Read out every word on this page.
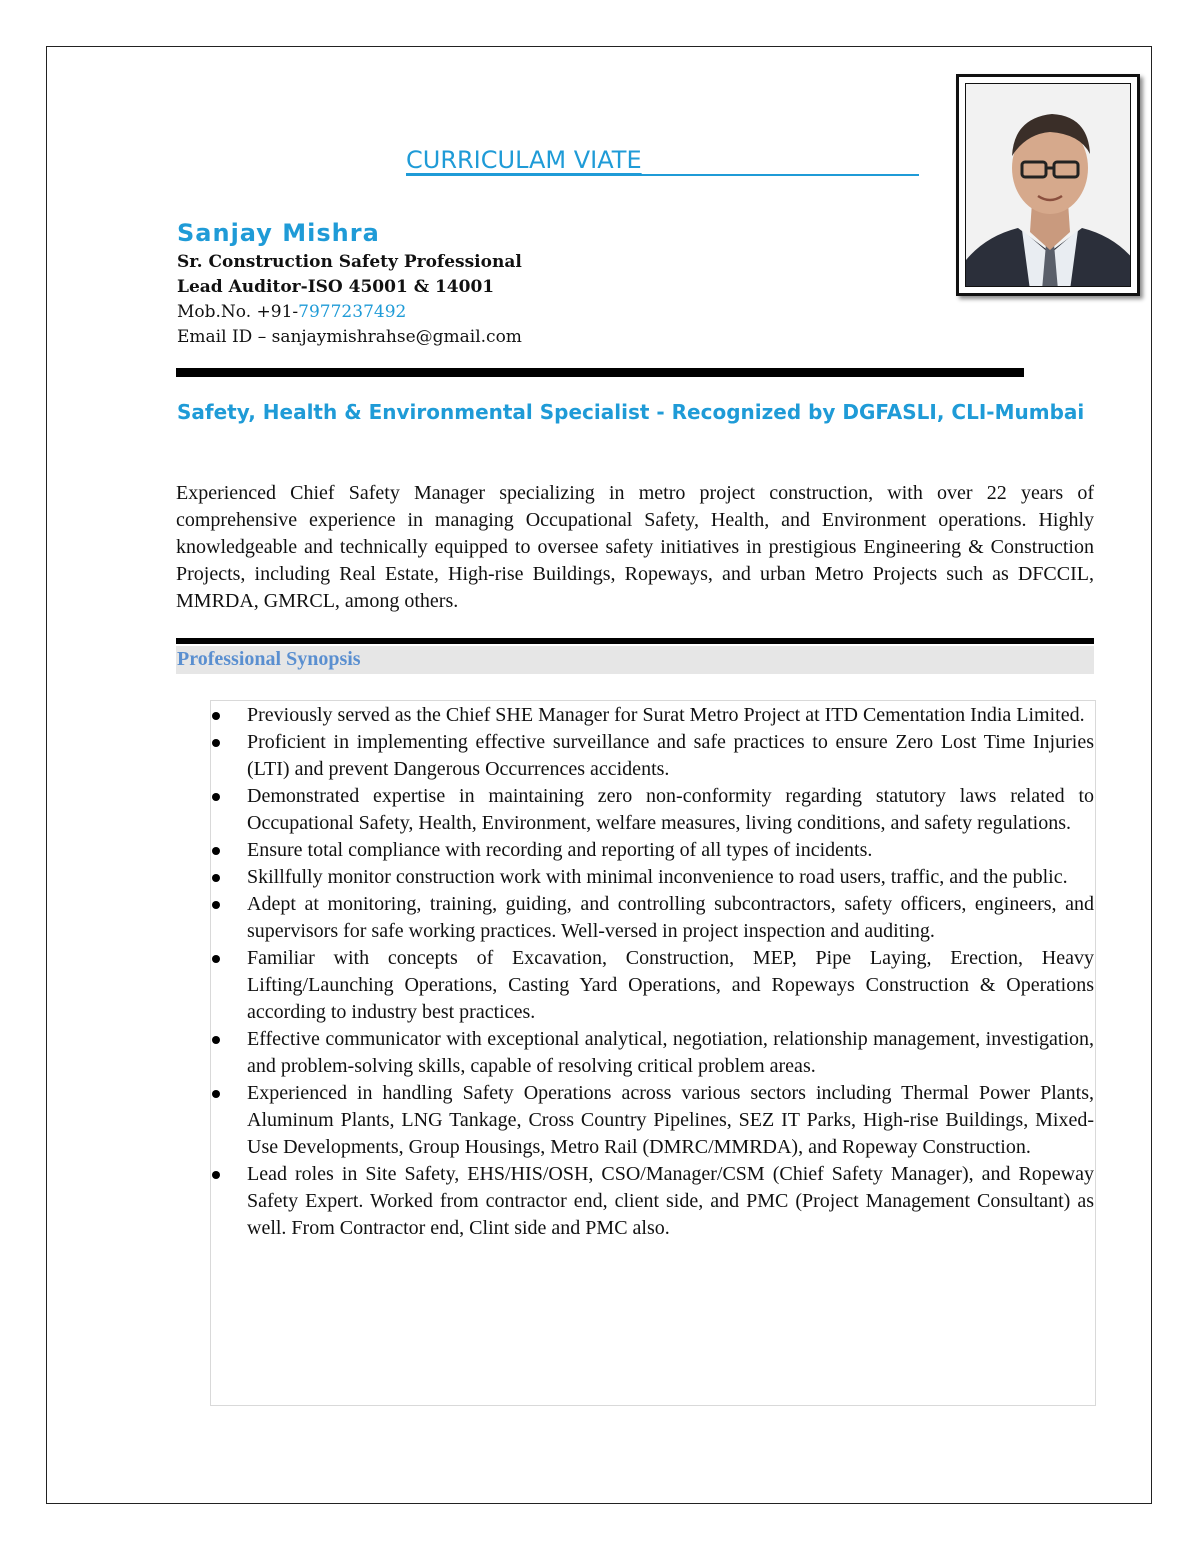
CURRICULAM VIATE
Sanjay Mishra
Sr. Construction Safety Professional
Lead Auditor-ISO 45001 & 14001
Mob.No. +91-7977237492
Email ID – sanjaymishrahse@gmail.com
Safety, Health & Environmental Specialist - Recognized by DGFASLI, CLI-Mumbai
Experienced Chief Safety Manager specializing in metro project construction, with over 22 years of comprehensive experience in managing Occupational Safety, Health, and Environment operations. Highly knowledgeable and technically equipped to oversee safety initiatives in prestigious Engineering & Construction Projects, including Real Estate, High-rise Buildings, Ropeways, and urban Metro Projects such as DFCCIL, MMRDA, GMRCL, among others.
Professional Synopsis
Previously served as the Chief SHE Manager for Surat Metro Project at ITD Cementation India Limited.
Proficient in implementing effective surveillance and safe practices to ensure Zero Lost Time Injuries (LTI) and prevent Dangerous Occurrences accidents.
Demonstrated expertise in maintaining zero non-conformity regarding statutory laws related to Occupational Safety, Health, Environment, welfare measures, living conditions, and safety regulations.
Ensure total compliance with recording and reporting of all types of incidents.
Skillfully monitor construction work with minimal inconvenience to road users, traffic, and the public.
Adept at monitoring, training, guiding, and controlling subcontractors, safety officers, engineers, and supervisors for safe working practices. Well-versed in project inspection and auditing.
Familiar with concepts of Excavation, Construction, MEP, Pipe Laying, Erection, Heavy Lifting/Launching Operations, Casting Yard Operations, and Ropeways Construction & Operations according to industry best practices.
Effective communicator with exceptional analytical, negotiation, relationship management, investigation, and problem-solving skills, capable of resolving critical problem areas.
Experienced in handling Safety Operations across various sectors including Thermal Power Plants, Aluminum Plants, LNG Tankage, Cross Country Pipelines, SEZ IT Parks, High-rise Buildings, Mixed-Use Developments, Group Housings, Metro Rail (DMRC/MMRDA), and Ropeway Construction.
Lead roles in Site Safety, EHS/HIS/OSH, CSO/Manager/CSM (Chief Safety Manager), and Ropeway Safety Expert. Worked from contractor end, client side, and PMC (Project Management Consultant) as well. From Contractor end, Clint side and PMC also.
